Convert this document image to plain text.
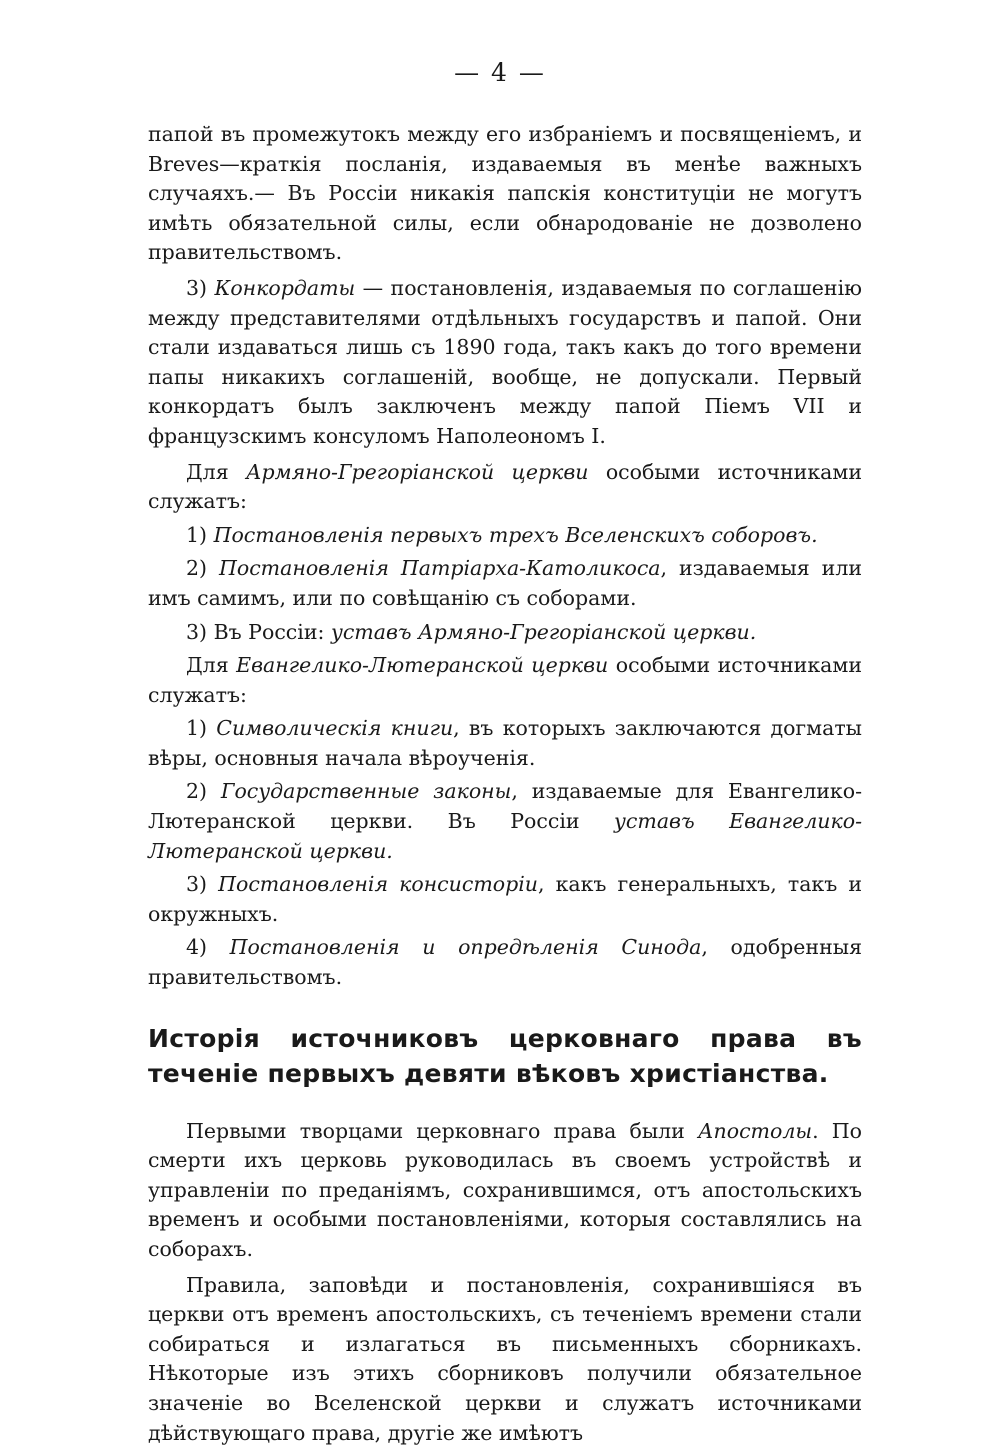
— 4 —

папой въ промежутокъ между его избраніемъ и посвященіемъ, и Breves—краткія посланія, издаваемыя въ менѣе важныхъ случаяхъ.— Въ Россіи никакія папскія конституціи не могутъ имѣть обязательной силы, если обнародованіе не дозволено правительствомъ.

3) Конкордаты — постановленія, издаваемыя по соглашенію между представителями отдѣльныхъ государствъ и папой. Они стали издаваться лишь съ 1890 года, такъ какъ до того времени папы никакихъ соглашеній, вообще, не допускали. Первый конкордатъ былъ заключенъ между папой Піемъ VII и французскимъ консуломъ Наполеономъ I.

Для Армяно-Грегоріанской церкви особыми источниками служатъ:

1) Постановленія первыхъ трехъ Вселенскихъ соборовъ.

2) Постановленія Патріарха-Католикоса, издаваемыя или имъ самимъ, или по совѣщанію съ соборами.

3) Въ Россіи: уставъ Армяно-Грегоріанской церкви.

Для Евангелико-Лютеранской церкви особыми источниками служатъ:

1) Символическія книги, въ которыхъ заключаются догматы вѣры, основныя начала вѣроученія.

2) Государственные законы, издаваемые для Евангелико-Лютеранской церкви. Въ Россіи уставъ Евангелико-Лютеранской церкви.

3) Постановленія консисторіи, какъ генеральныхъ, такъ и окружныхъ.

4) Постановленія и опредѣленія Синода, одобренныя правительствомъ.

Исторія источниковъ церковнаго права въ теченіе первыхъ девяти вѣковъ христіанства.

Первыми творцами церковнаго права были Апостолы. По смерти ихъ церковь руководилась въ своемъ устройствѣ и управленіи по преданіямъ, сохранившимся, отъ апостольскихъ временъ и особыми постановленіями, которыя составлялись на соборахъ.

Правила, заповѣди и постановленія, сохранившіяся въ церкви отъ временъ апостольскихъ, съ теченіемъ времени стали собираться и излагаться въ письменныхъ сборникахъ. Нѣкоторые изъ этихъ сборниковъ получили обязательное значеніе во Вселенской церкви и служатъ источниками дѣйствующаго права, другіе же имѣютъ
